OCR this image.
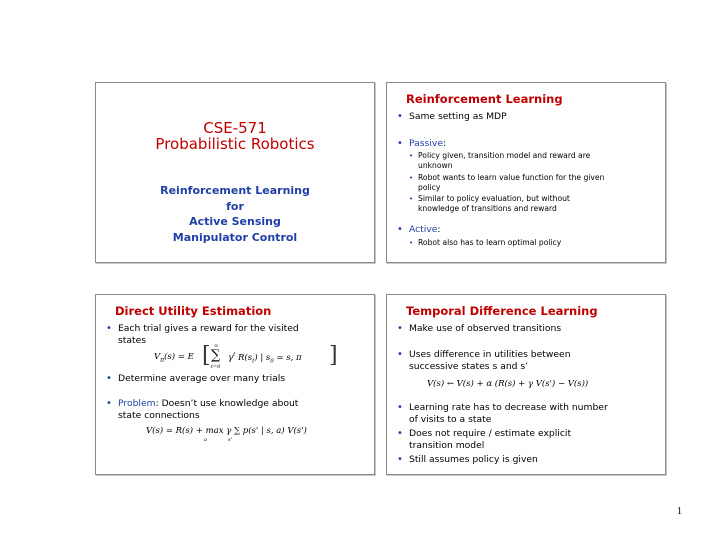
CSE-571
Probabilistic Robotics
Reinforcement Learning
for
Active Sensing
Manipulator Control
Reinforcement Learning
• Same setting as MDP
• Passive:
• Policy given, transition model and reward are
unknown
• Robot wants to learn value function for the given
policy
• Similar to policy evaluation, but without
knowledge of transitions and reward
• Active:
• Robot also has to learn optimal policy
Direct Utility Estimation
• Each trial gives a reward for the visited
states
$V_\pi(s) = E$ [ ∞
∑
t=0
$\gamma^t$ $R(s_t)$ | $s_0 = s$, π ]
• Determine average over many trials
• Problem: Doesn’t use knowledge about
state connections
V(s) = R(s) + max γ ∑ p(s' | s, a) V(s')
a	s'
Temporal Difference Learning
• Make use of observed transitions
• Uses difference in utilities between
successive states s and s’
V(s) ← V(s) + α (R(s) + γ V(s') − V(s))
• Learning rate has to decrease with number
of visits to a state
• Does not require / estimate explicit
transition model
• Still assumes policy is given
1
